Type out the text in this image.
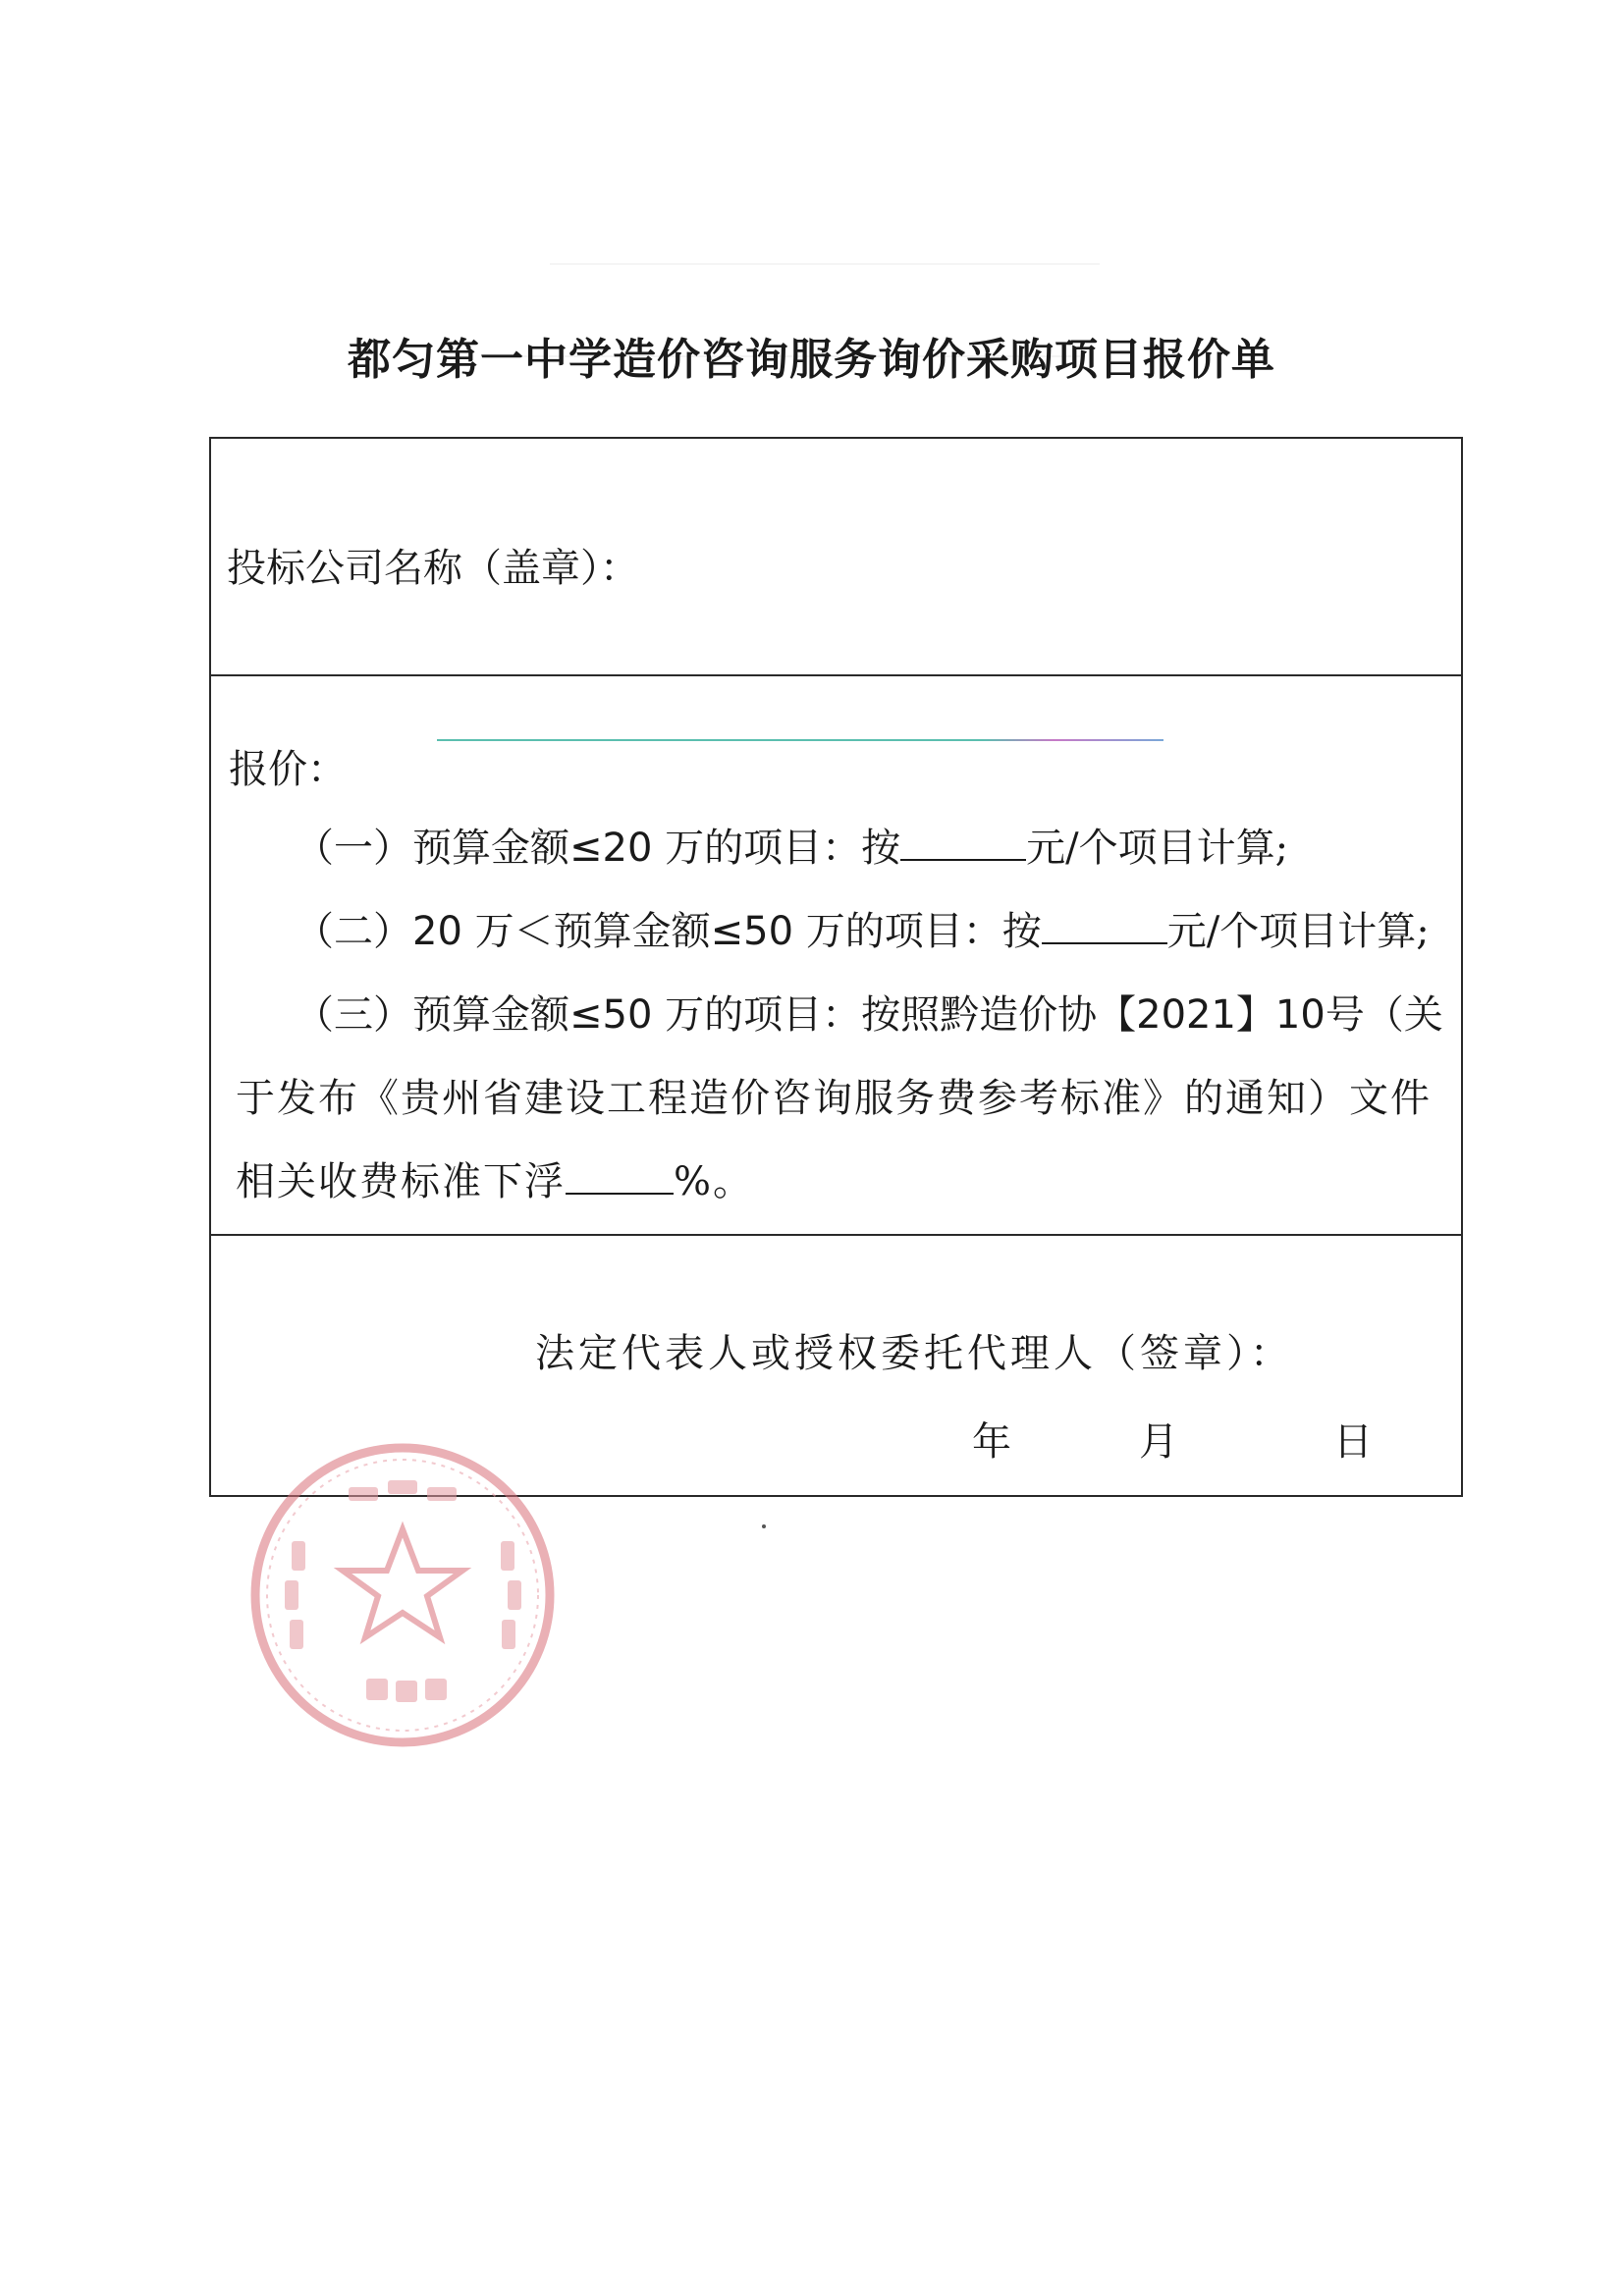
都匀第一中学造价咨询服务询价采购项目报价单
投标公司名称（盖章）：
报价：
（一）预算金额≤20 万的项目：按	元/个项目计算;
（二）20 万＜预算金额≤50 万的项目：按	元/个项目计算;
（三）预算金额≤50 万的项目：按照黔造价协【2021】10号（关
于发布《贵州省建设工程造价咨询服务费参考标准》的通知）文件
相关收费标准下浮	%。
法定代表人或授权委托代理人（签章）：
年	月	日
